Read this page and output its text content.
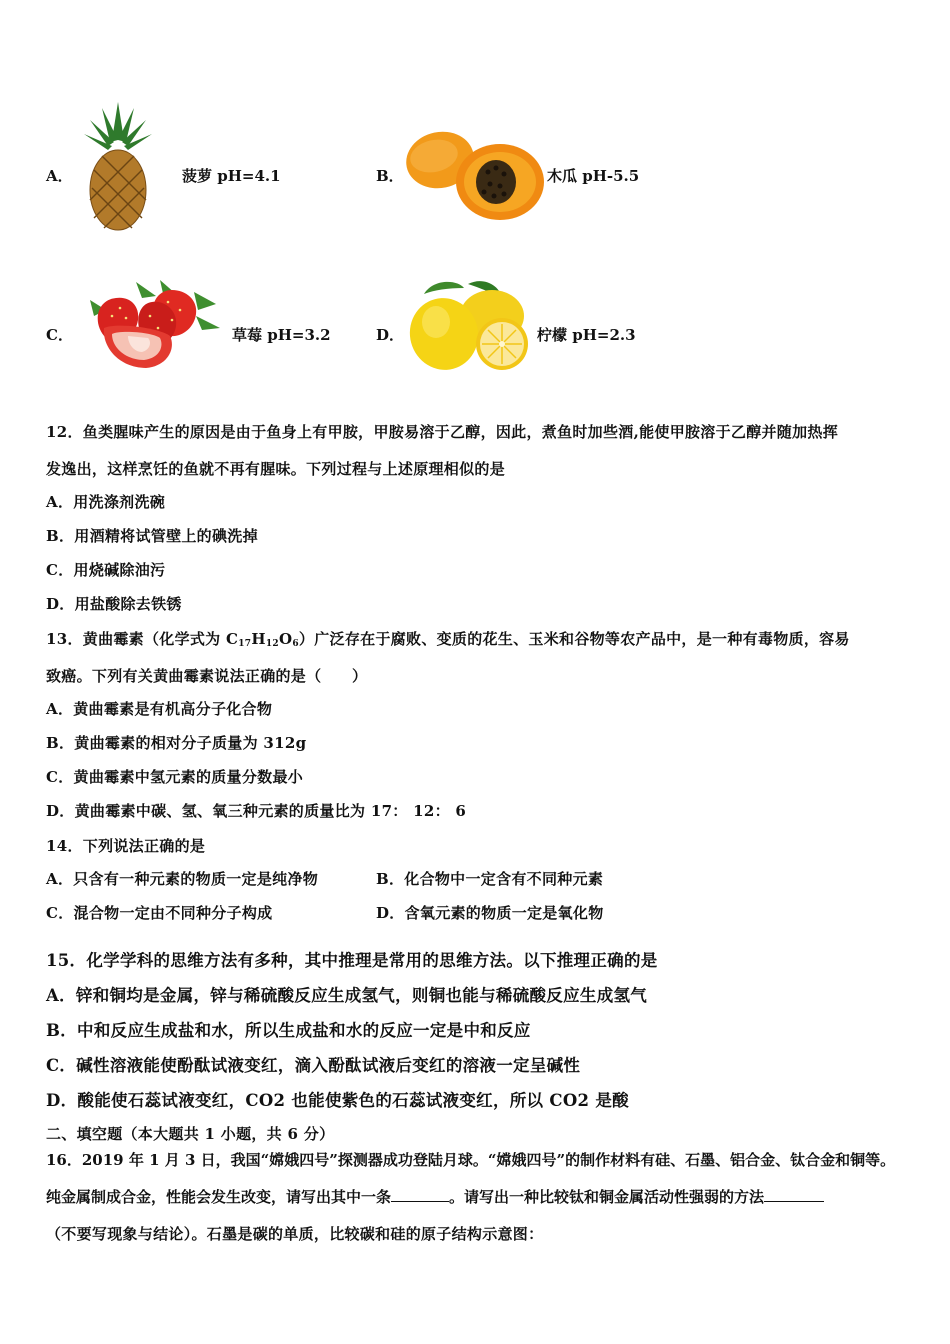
A．	菠萝 pH=4.1	B．	木瓜 pH-5.5
C．	草莓 pH=3.2	D．	柠檬 pH=2.3
12．鱼类腥味产生的原因是由于鱼身上有甲胺，甲胺易溶于乙醇，因此，煮鱼时加些酒,能使甲胺溶于乙醇并随加热挥
发逸出，这样烹饪的鱼就不再有腥味。下列过程与上述原理相似的是
A．用洗涤剂洗碗
B．用酒精将试管壁上的碘洗掉
C．用烧碱除油污
D．用盐酸除去铁锈
13．黄曲霉素（化学式为 $C_{17}H_{12}O_6$）广泛存在于腐败、变质的花生、玉米和谷物等农产品中，是一种有毒物质，容易
致癌。下列有关黄曲霉素说法正确的是（　　）
A．黄曲霉素是有机高分子化合物
B．黄曲霉素的相对分子质量为 312g
C．黄曲霉素中氢元素的质量分数最小
D．黄曲霉素中碳、氢、氧三种元素的质量比为 17： 12： 6
14．下列说法正确的是
A．只含有一种元素的物质一定是纯净物	B．化合物中一定含有不同种元素
C．混合物一定由不同种分子构成	D．含氧元素的物质一定是氧化物
15．化学学科的思维方法有多种，其中推理是常用的思维方法。以下推理正确的是
A．锌和铜均是金属，锌与稀硫酸反应生成氢气，则铜也能与稀硫酸反应生成氢气
B．中和反应生成盐和水，所以生成盐和水的反应一定是中和反应
C．碱性溶液能使酚酞试液变红，滴入酚酞试液后变红的溶液一定呈碱性
D．酸能使石蕊试液变红，CO2 也能使紫色的石蕊试液变红，所以 CO2 是酸
二、填空题（本大题共 1 小题，共 6 分）
16．2019 年 1 月 3 日，我国“嫦娥四号”探测器成功登陆月球。“嫦娥四号”的制作材料有硅、石墨、铝合金、钛合金和铜等。
纯金属制成合金，性能会发生改变，请写出其中一条	。请写出一种比较钛和铜金属活动性强弱的方法
（不要写现象与结论）。石墨是碳的单质，比较碳和硅的原子结构示意图：
